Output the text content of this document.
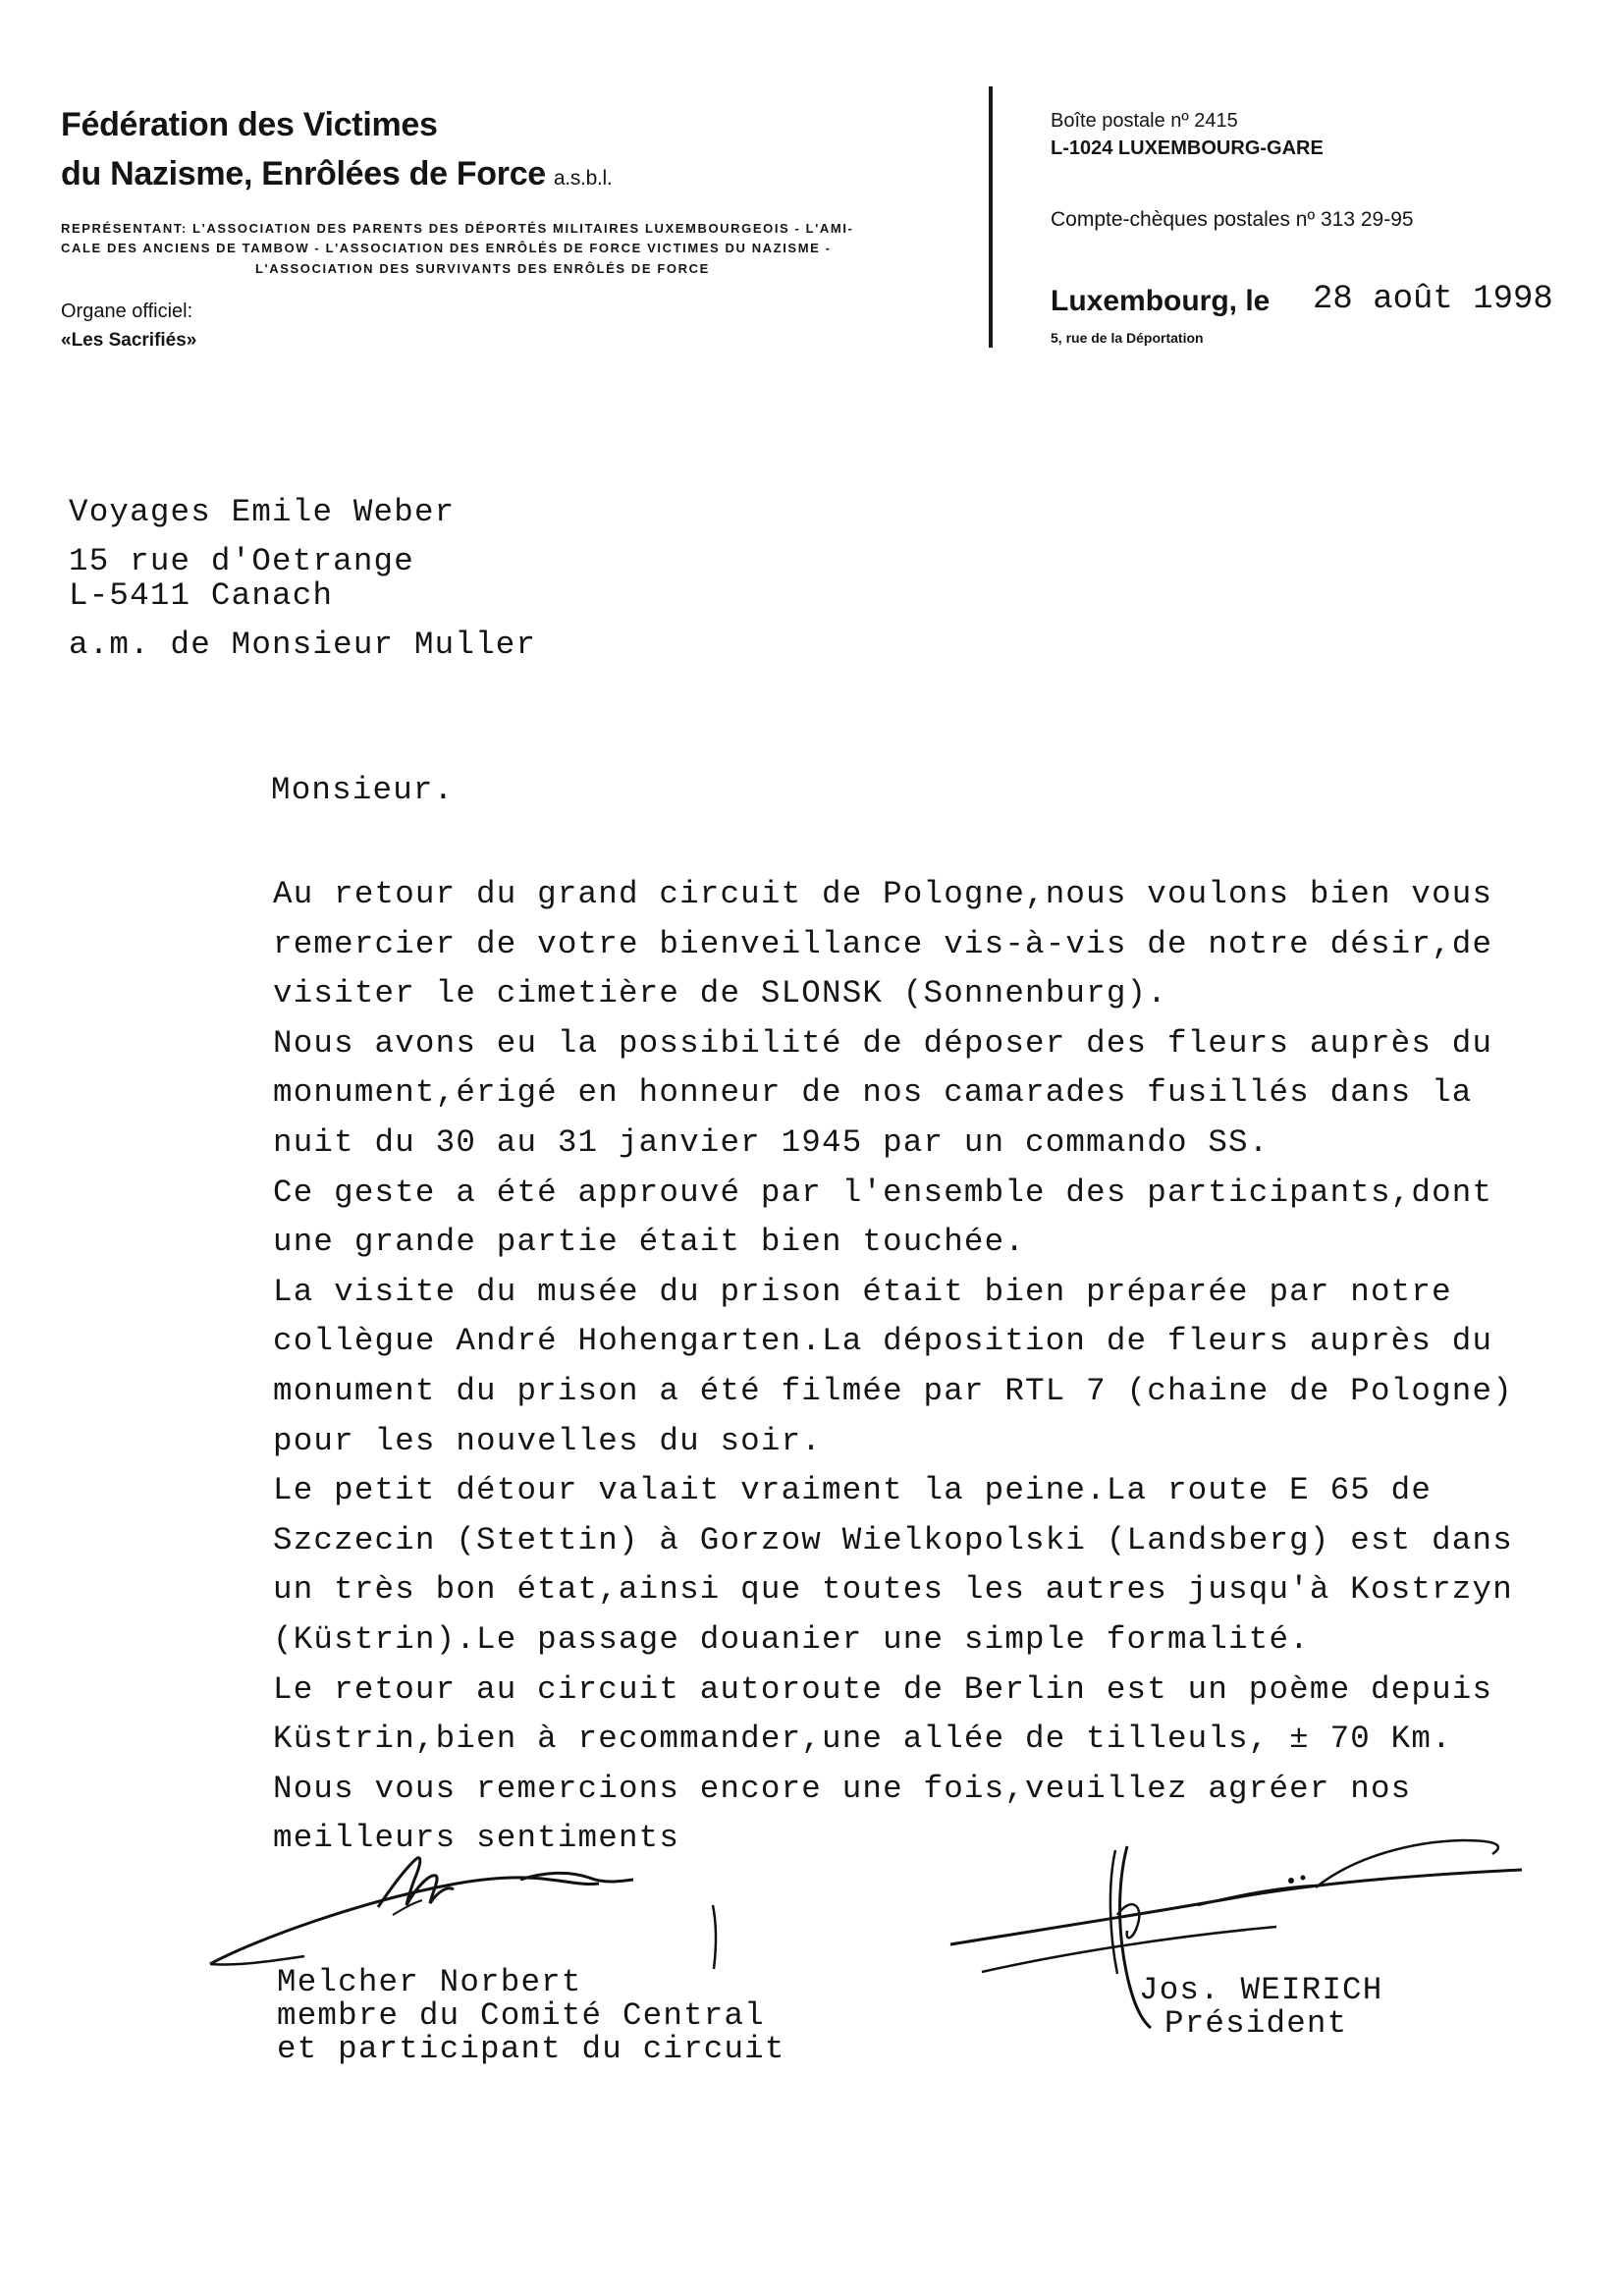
Fédération des Victimes
du Nazisme, Enrôlées de Force a.s.b.l.
REPRÉSENTANT: L'ASSOCIATION DES PARENTS DES DÉPORTÉS MILITAIRES LUXEMBOURGEOIS - L'AMI-
CALE DES ANCIENS DE TAMBOW - L'ASSOCIATION DES ENRÔLÉS DE FORCE VICTIMES DU NAZISME -
L'ASSOCIATION DES SURVIVANTS DES ENRÔLÉS DE FORCE
Organe officiel:
«Les Sacrifiés»
Boîte postale nº 2415
L-1024 LUXEMBOURG-GARE
Compte-chèques postales nº 313 29-95
Luxembourg, le 28 août 1998
5, rue de la Déportation
Voyages Emile Weber
15 rue d'Oetrange
L-5411 Canach
a.m. de Monsieur Muller
Monsieur.
Au retour du grand circuit de Pologne,nous voulons bien vous
remercier de votre bienveillance vis-à-vis de notre désir,de
visiter le cimetière de SLONSK (Sonnenburg).
Nous avons eu la possibilité de déposer des fleurs auprès du
monument,érigé en honneur de nos camarades fusillés dans la
nuit du 30 au 31 janvier 1945 par un commando SS.
Ce geste a été approuvé par l'ensemble des participants,dont
une grande partie était bien touchée.
La visite du musée du prison était bien préparée par notre
collègue André Hohengarten.La déposition de fleurs auprès du
monument du prison a été filmée par RTL 7 (chaine de Pologne)
pour les nouvelles du soir.
Le petit détour valait vraiment la peine.La route E 65 de
Szczecin (Stettin) à Gorzow Wielkopolski (Landsberg) est dans
un très bon état,ainsi que toutes les autres jusqu'à Kostrzyn
(Küstrin).Le passage douanier une simple formalité.
Le retour au circuit autoroute de Berlin est un poème depuis
Küstrin,bien à recommander,une allée de tilleuls, ± 70 Km.
Nous vous remercions encore une fois,veuillez agréer nos
meilleurs sentiments
Melcher Norbert
membre du Comité Central
et participant du circuit
Jos. WEIRICH
Président
